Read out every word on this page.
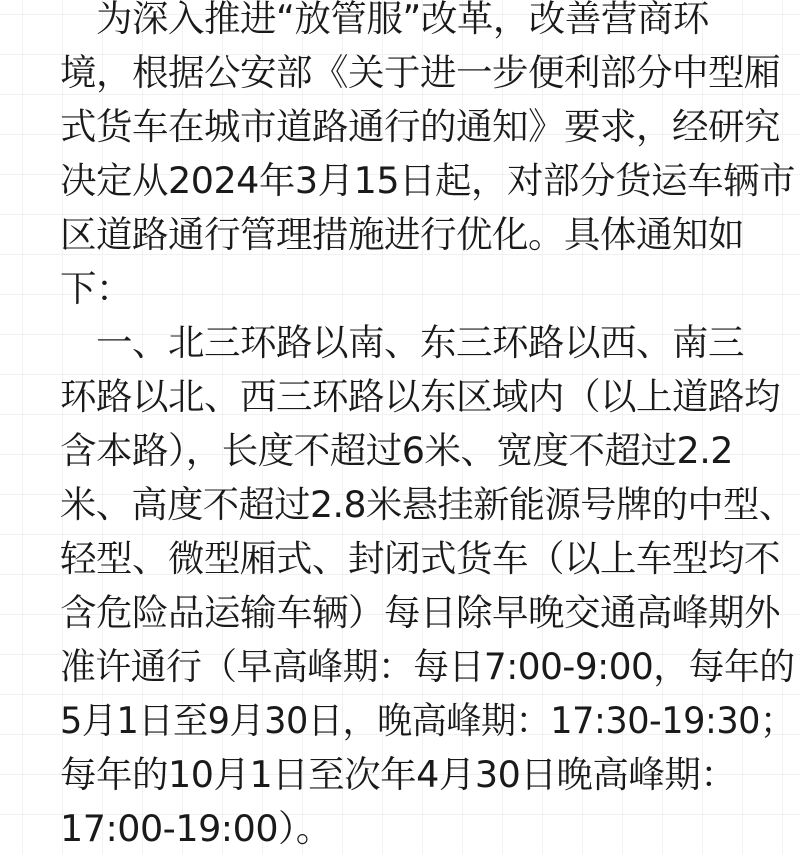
　为深入推进“放管服”改革，改善营商环
境，根据公安部《关于进一步便利部分中型厢
式货车在城市道路通行的通知》要求，经研究
决定从2024年3月15日起，对部分货运车辆市
区道路通行管理措施进行优化。具体通知如
下：
　一、北三环路以南、东三环路以西、南三
环路以北、西三环路以东区域内（以上道路均
含本路），长度不超过6米、宽度不超过2.2
米、高度不超过2.8米悬挂新能源号牌的中型、
轻型、微型厢式、封闭式货车（以上车型均不
含危险品运输车辆）每日除早晚交通高峰期外
准许通行（早高峰期：每日7:00-9:00，每年的
5月1日至9月30日，晚高峰期：17:30-19:30；
每年的10月1日至次年4月30日晚高峰期：
17:00-19:00）。
